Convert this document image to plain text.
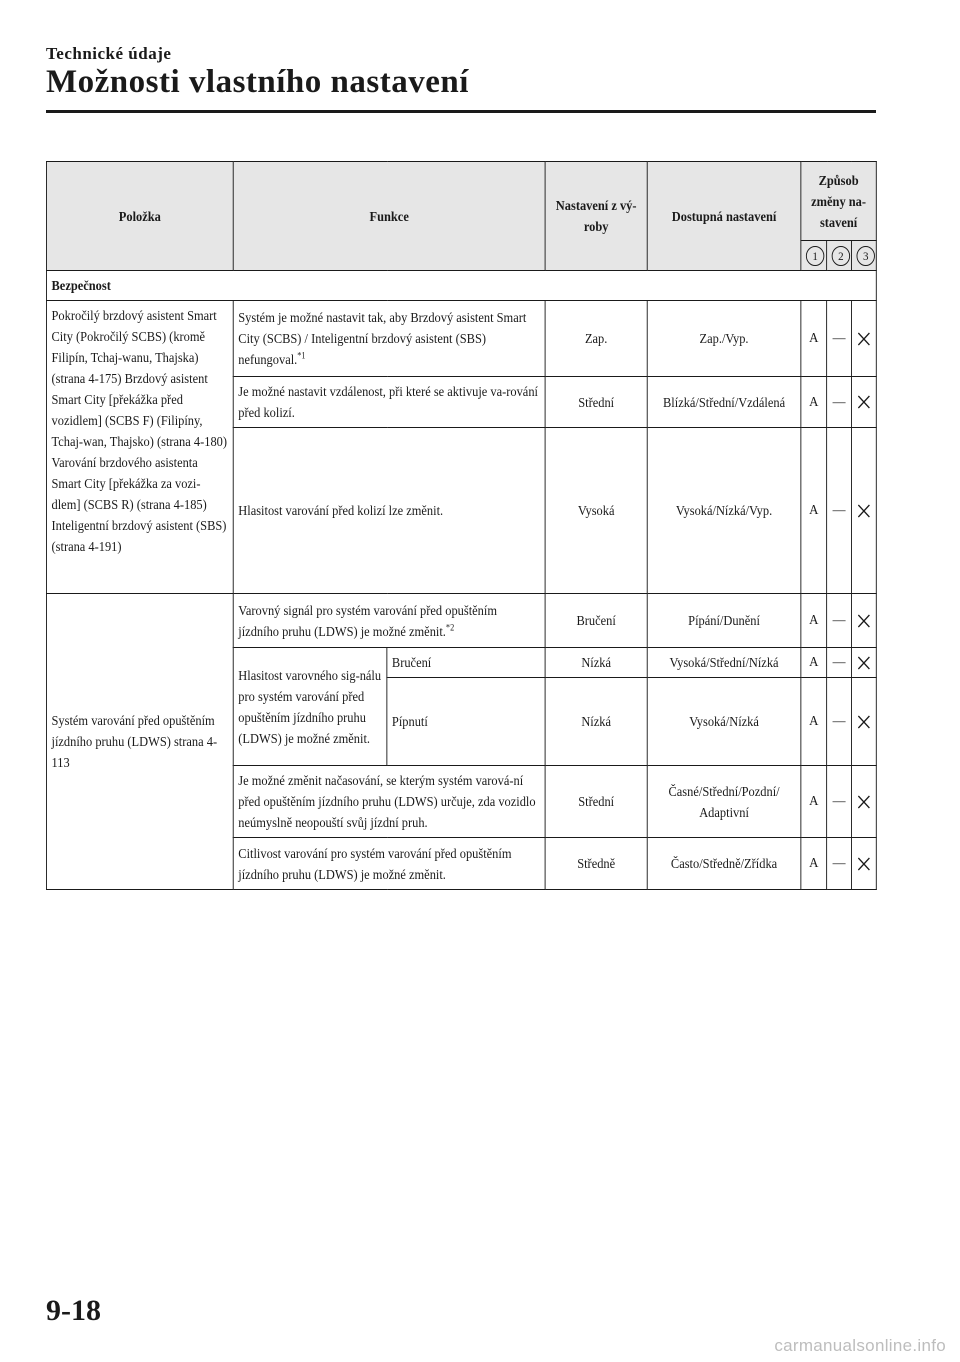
Technické údaje
Možnosti vlastního nastavení
Položka	Funkce		Nastavení z vý-roby	Dostupná nastavení	Způsob změny na-stavení		
					1	2	3
Bezpečnost							
Pokročilý brzdový asistent Smart City (Pokročilý SCBS) (kromě Filipín, Tchaj-wanu, Thajska) (strana 4-175) Brzdový asistent Smart City [překážka před vozidlem] (SCBS F) (Filipíny, Tchaj-wan, Thajsko) (strana 4-180) Varování brzdového asistenta Smart City [překážka za vozi-dlem] (SCBS R) (strana 4-185) Inteligentní brzdový asistent (SBS) (strana 4-191)	Systém je možné nastavit tak, aby Brzdový asistent Smart City (SCBS) / Inteligentní brzdový asistent (SBS) nefungoval.$^{*1}$		Zap.	Zap./Vyp.	A	—	

	Je možné nastavit vzdálenost, při které se aktivuje va-rování před kolizí.		Střední	Blízká/Střední/Vzdálená	A	—	

	Hlasitost varování před kolizí lze změnit.		Vysoká	Vysoká/Nízká/Vyp.	A	—	

Systém varování před opuštěním jízdního pruhu (LDWS) strana 4-113	Varovný signál pro systém varování před opuštěním jízdního pruhu (LDWS) je možné změnit.$^{*2}$		Bručení	Pípání/Dunění	A	—	

	Hlasitost varovného sig-nálu pro systém varování před opuštěním jízdního pruhu (LDWS) je možné změnit.	Bručení	Nízká	Vysoká/Střední/Nízká	A	—	

		Pípnutí	Nízká	Vysoká/Nízká	A	—	

	Je možné změnit načasování, se kterým systém varová-ní před opuštěním jízdního pruhu (LDWS) určuje, zda vozidlo neúmyslně neopouští svůj jízdní pruh.		Střední	Časné/Střední/Pozdní/ Adaptivní	A	—	

	Citlivost varování pro systém varování před opuštěním jízdního pruhu (LDWS) je možné změnit.		Středně	Často/Středně/Zřídka	A	—	
9-18
carmanualsonline.info
